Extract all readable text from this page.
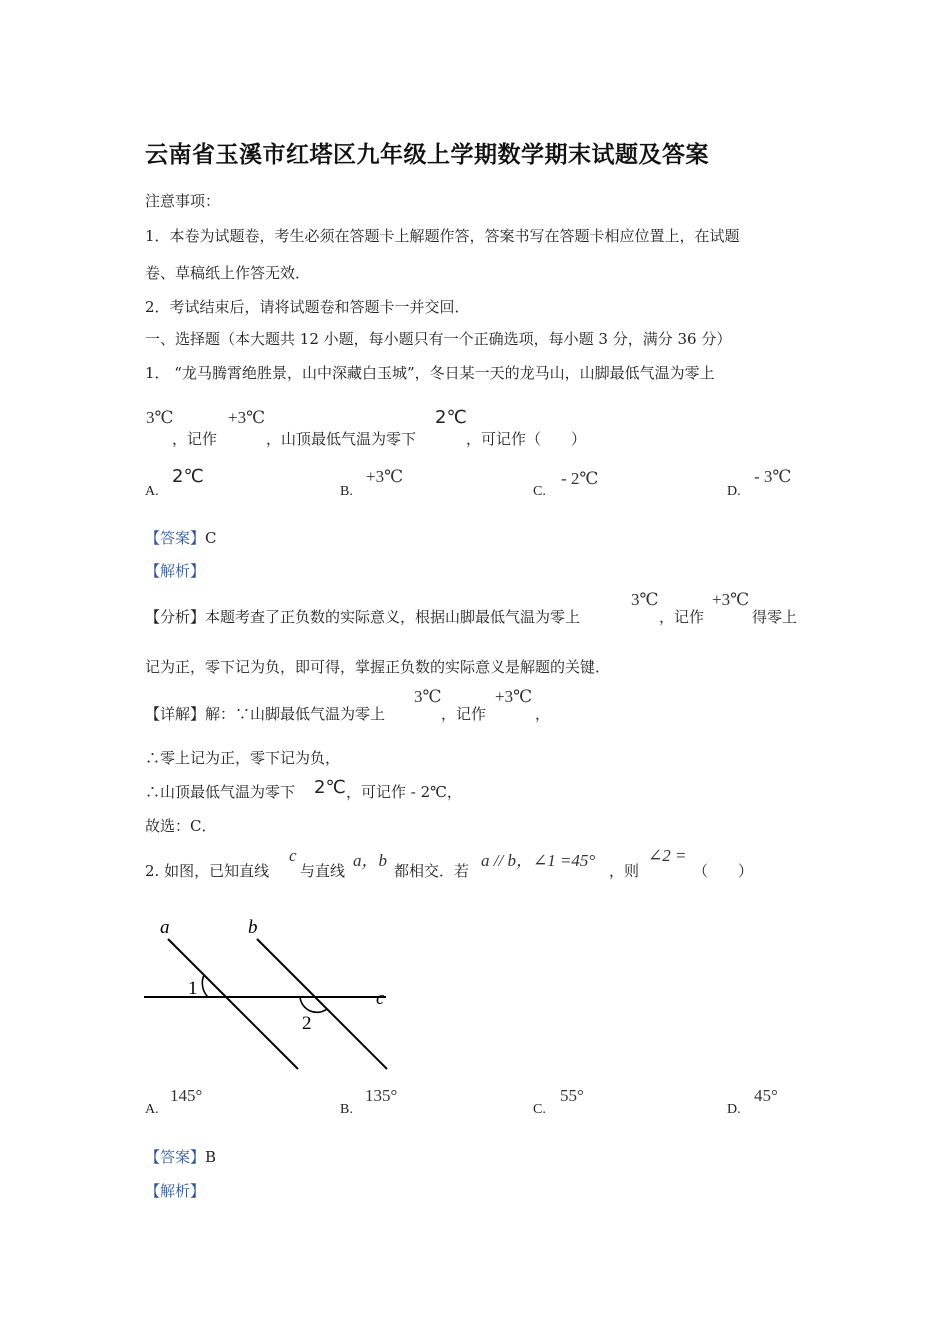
云南省玉溪市红塔区九年级上学期数学期末试题及答案
注意事项：
1．本卷为试题卷，考生必须在答题卡上解题作答，答案书写在答题卡相应位置上，在试题
卷、草稿纸上作答无效．
2．考试结束后，请将试题卷和答题卡一并交回．
一、选择题（本大题共 12 小题，每小题只有一个正确选项，每小题 3 分，满分 36 分）
1． “龙马腾霄绝胜景，山中深藏白玉城”，冬日某一天的龙马山，山脚最低气温为零上
3℃
，记作
+3℃
，山顶最低气温为零下
2℃
，可记作（　　）
A.
2℃
B.
+3℃
C.
- 2℃
D.
- 3℃
【答案】C
【解析】
【分析】本题考查了正负数的实际意义，根据山脚最低气温为零上
3℃
，记作
+3℃
得零上
记为正，零下记为负，即可得，掌握正负数的实际意义是解题的关键．
【详解】解：∵山脚最低气温为零上
3℃
，记作
+3℃
，
∴零上记为正，零下记为负，
∴山顶最低气温为零下 2℃ ，可记作 - 2℃，
故选：C．
2. 如图，已知直线
c
与直线
a，b
都相交．若
a // b，∠1 =45°
，则
∠2 =
（　　）
a	b
c
1
2
A.
145°
B.
135°
C.
55°
D.
45°
【答案】B
【解析】
